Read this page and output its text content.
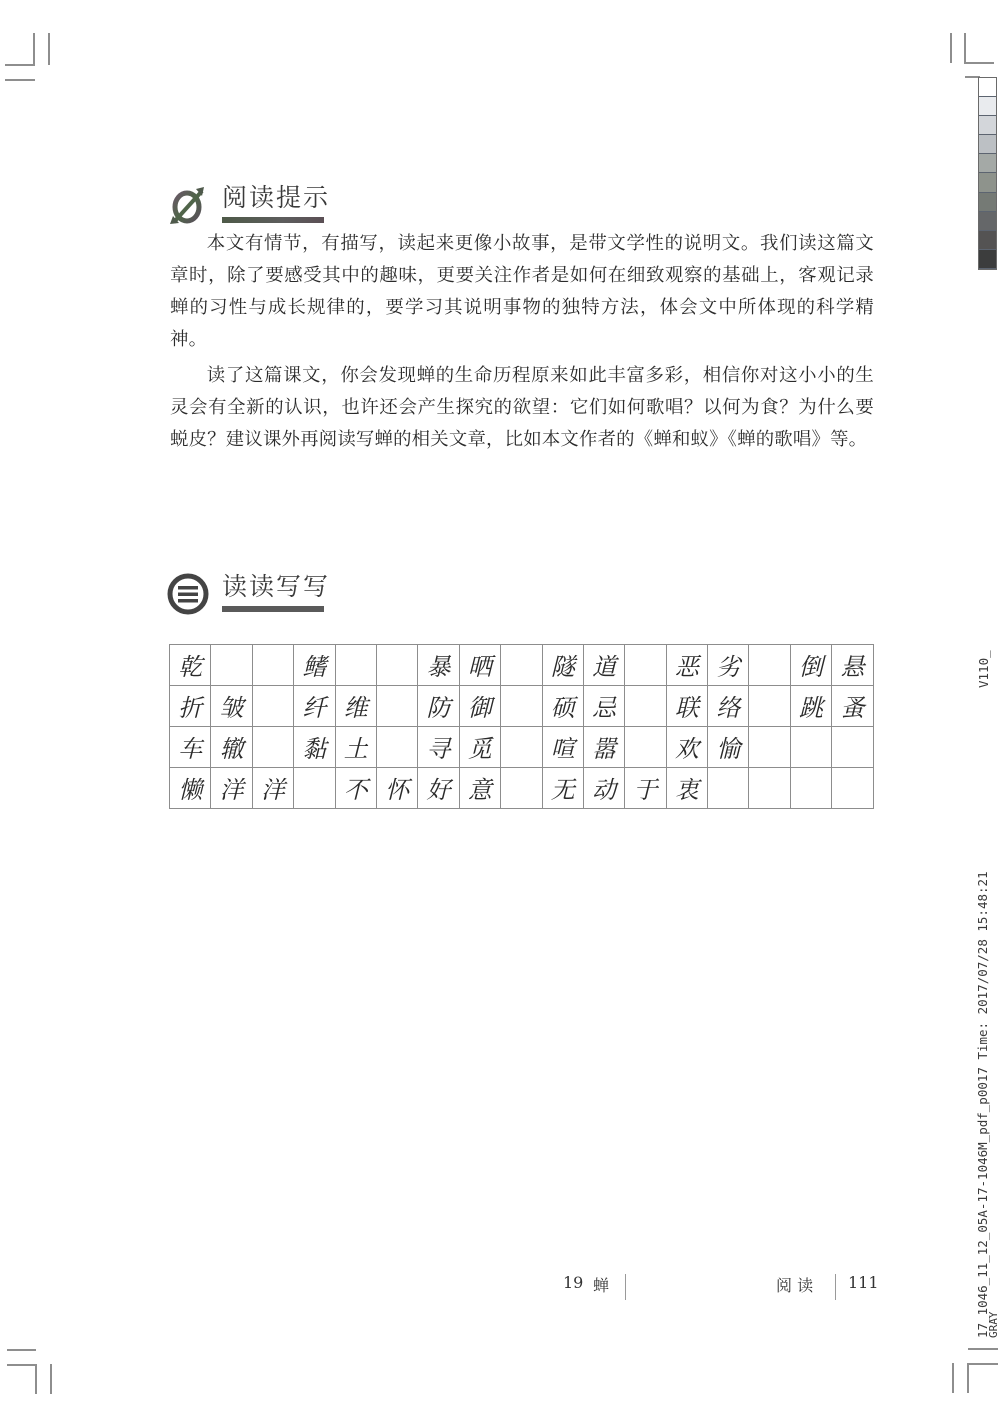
阅读提示

本文有情节，有描写，读起来更像小故事，是带文学性的说明文。我们读这篇文章时，除了要感受其中的趣味，更要关注作者是如何在细致观察的基础上，客观记录蝉的习性与成长规律的，要学习其说明事物的独特方法，体会文中所体现的科学精神。

读了这篇课文，你会发现蝉的生命历程原来如此丰富多彩，相信你对这小小的生灵会有全新的认识，也许还会产生探究的欲望：它们如何歌唱？以何为食？为什么要蜕皮？建议课外再阅读写蝉的相关文章，比如本文作者的《蝉和蚁》《蝉的歌唱》等。

读读写写
乾			鳍			暴	晒		隧	道		恶	劣		倒	悬
折	皱		纤	维		防	御		硕	忌		联	络		跳	蚤
车	辙		黏	土		寻	觅		喧	嚣		欢	愉			
懒	洋	洋		不	怀	好	意		无	动	于	衷				
19 蝉	阅 读 111
V110_
17_1046_11_12_05A-17-1046M_pdf_p0017 Time: 2017/07/28 15:48:21
GRAY
